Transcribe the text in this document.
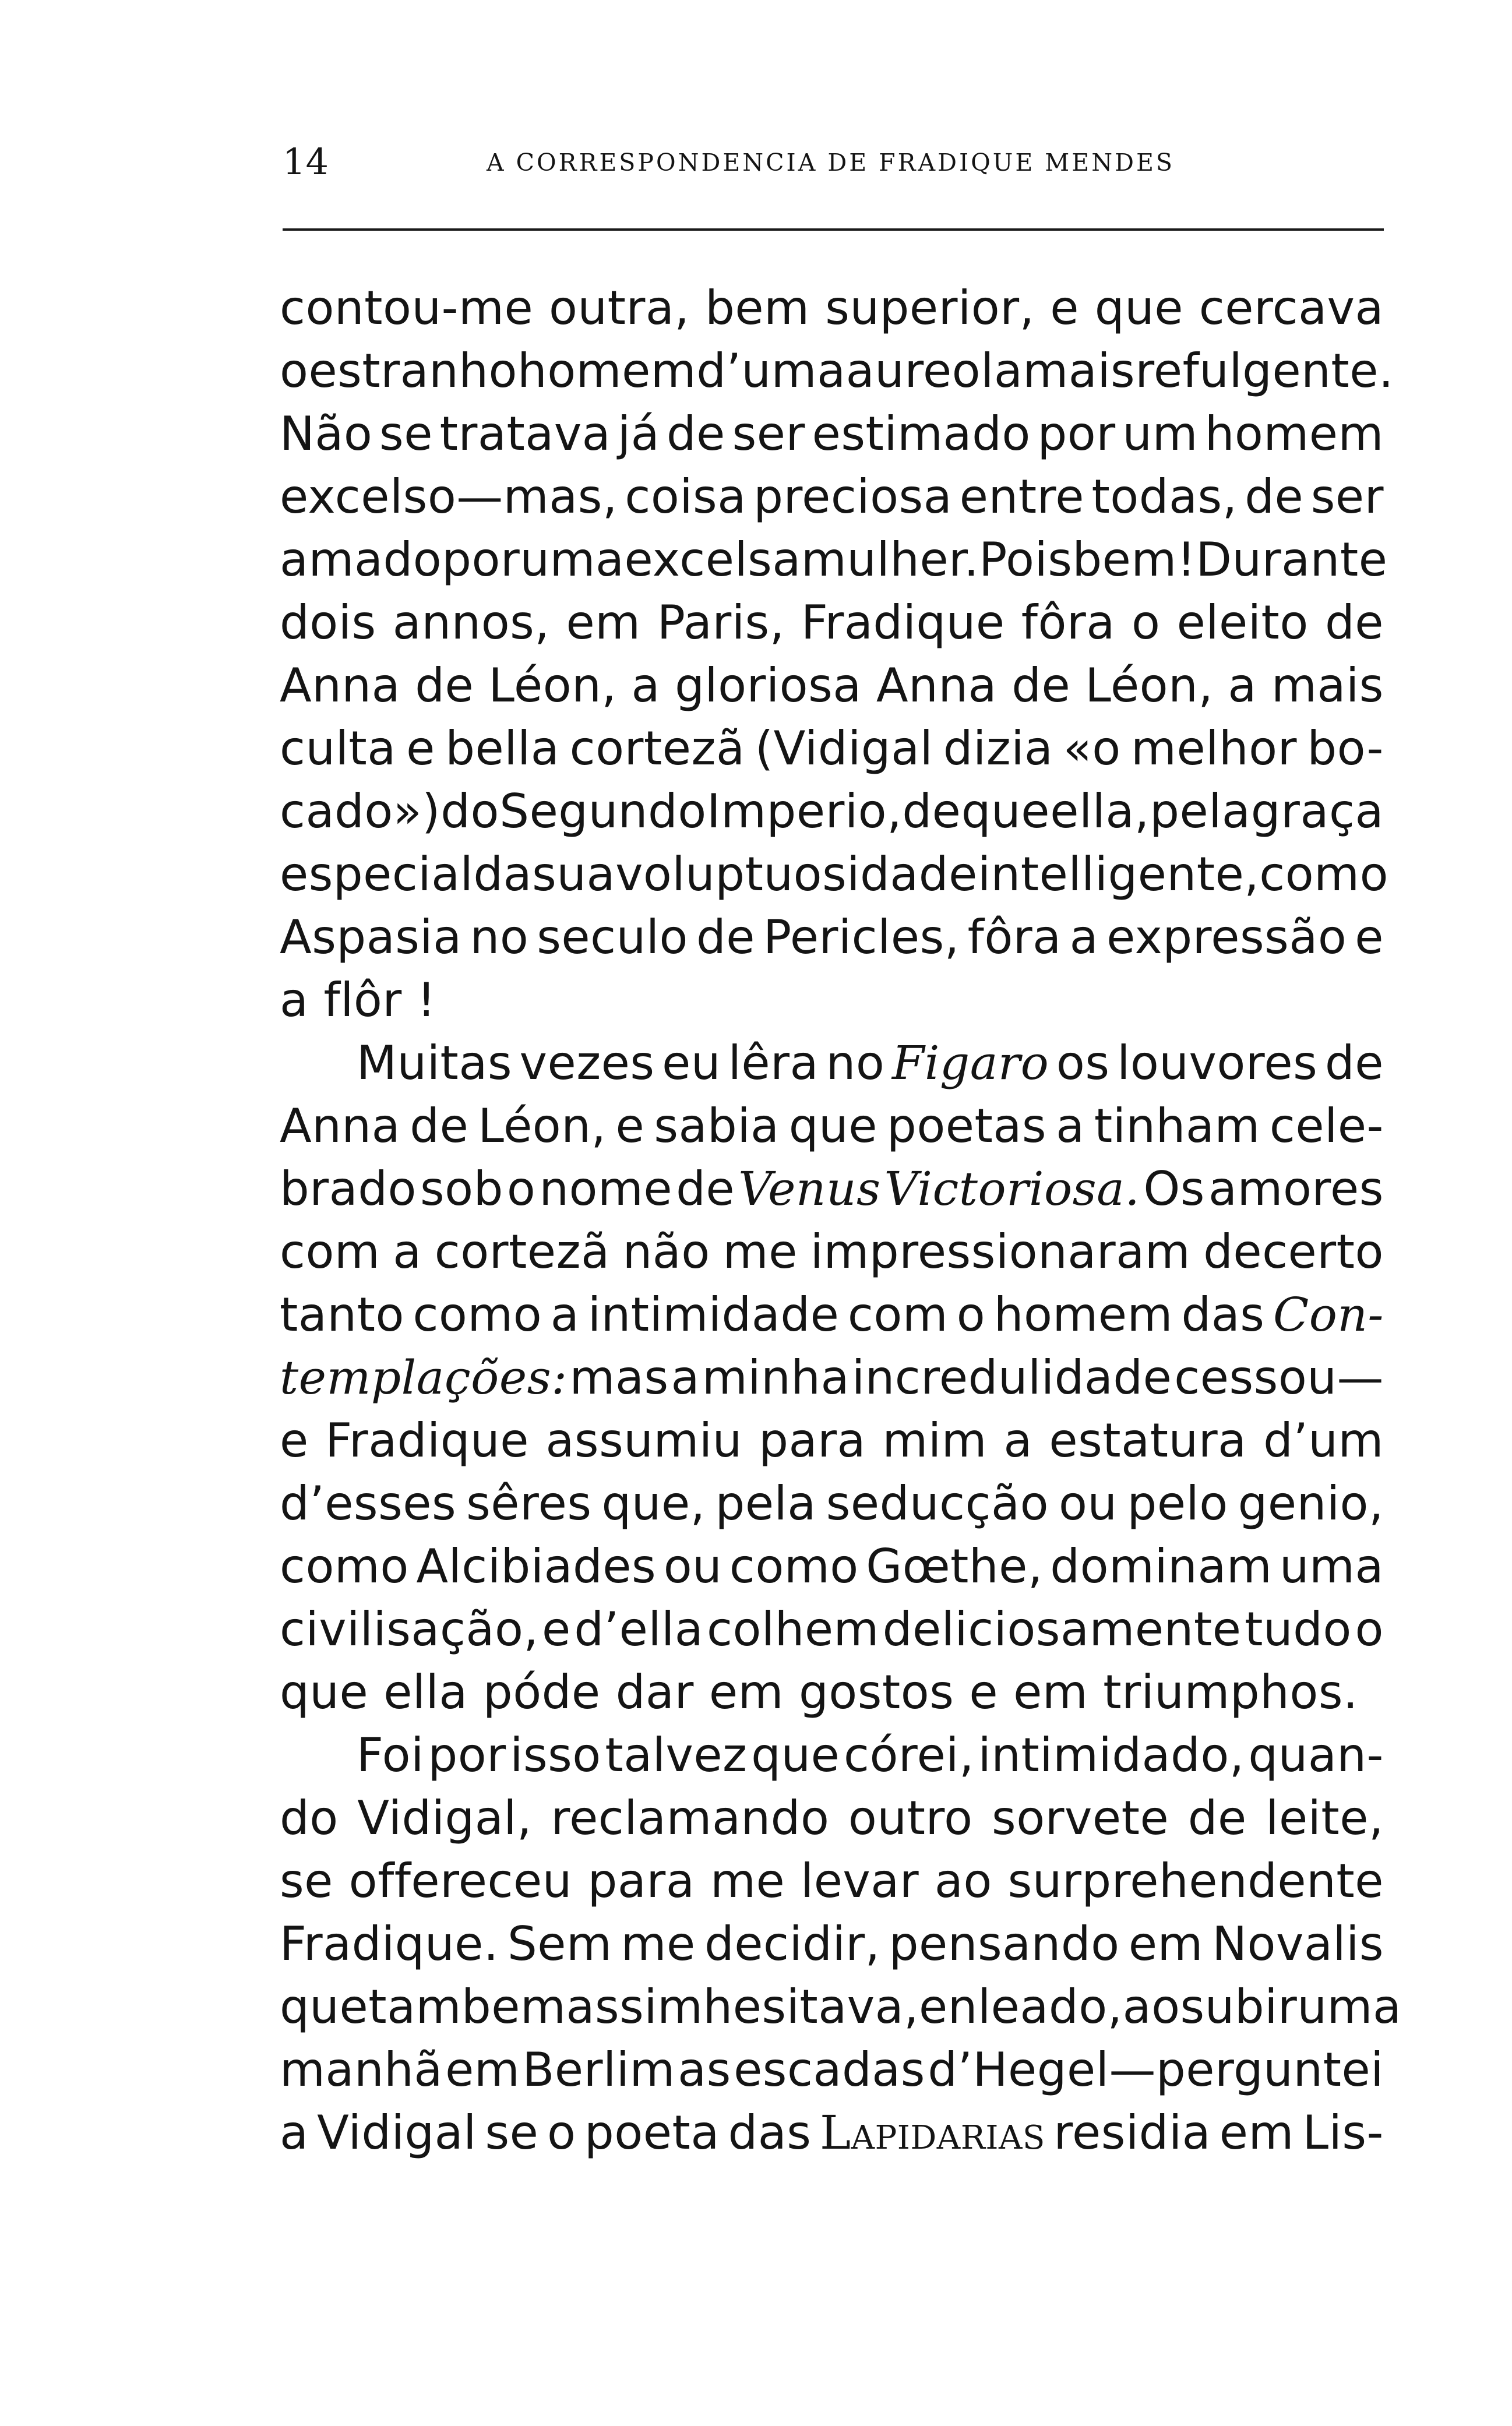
14	A CORRESPONDENCIA DE FRADIQUE MENDES
contou-me outra, bem superior, e que cercava
o estranho homem d’uma aureola mais refulgente.
Não se tratava já de ser estimado por um homem
excelso—mas, coisa preciosa entre todas, de ser
amado por uma excelsa mulher. Pois bem ! Durante
dois annos, em Paris, Fradique fôra o eleito de
Anna de Léon, a gloriosa Anna de Léon, a mais
culta e bella cortezã (Vidigal dizia «o melhor bo-
cado») do Segundo Imperio, de que ella, pela graça
especial da sua voluptuosidade intelligente, como
Aspasia no seculo de Pericles, fôra a expressão e
a flôr !
Muitas vezes eu lêra no Figaro os louvores de
Anna de Léon, e sabia que poetas a tinham cele-
brado sob o nome de Venus Victoriosa. Os amores
com a cortezã não me impressionaram decerto
tanto como a intimidade com o homem das Con-
templações: mas a minha incredulidade cessou—
e Fradique assumiu para mim a estatura d’um
d’esses sêres que, pela seducção ou pelo genio,
como Alcibiades ou como Gœthe, dominam uma
civilisação, e d’ella colhem deliciosamente tudo o
que ella póde dar em gostos e em triumphos.
Foi por isso talvez que córei, intimidado, quan-
do Vidigal, reclamando outro sorvete de leite,
se offereceu para me levar ao surprehendente
Fradique. Sem me decidir, pensando em Novalis
que tambem assim hesitava, enleado, ao subir uma
manhã em Berlim as escadas d’Hegel—perguntei
a Vidigal se o poeta das Lapidarias residia em Lis-
